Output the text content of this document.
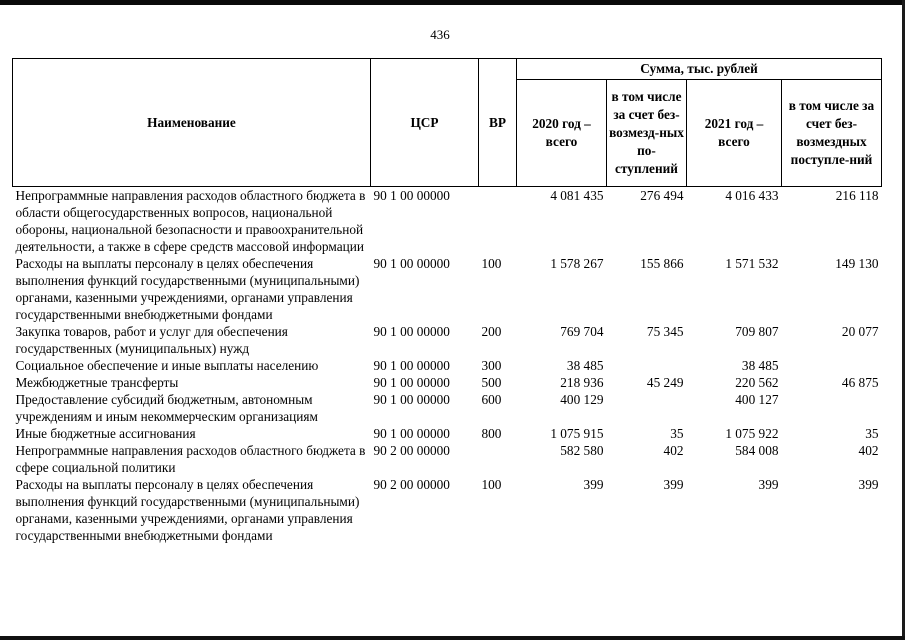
436
Наименование	ЦСР	ВР	Сумма, тыс. рублей			
			2020 год – всего	в том числе за счет без-возмезд-ных по-ступлений	2021 год – всего	в том числе за счет без-возмездных поступле-ний
Непрограммные направления расходов областного бюджета в области общегосударственных вопросов, национальной обороны, национальной безопасности и правоохранительной деятельности, а также в сфере средств массовой информации	90 1 00 00000		4 081 435	276 494	4 016 433	216 118
Расходы на выплаты персоналу в целях обеспечения выполнения функций государственными (муниципальными) органами, казенными учреждениями, органами управления государственными внебюджетными фондами	90 1 00 00000	100	1 578 267	155 866	1 571 532	149 130
Закупка товаров, работ и услуг для обеспечения государственных (муниципальных) нужд	90 1 00 00000	200	769 704	75 345	709 807	20 077
Социальное обеспечение и иные выплаты населению	90 1 00 00000	300	38 485		38 485	
Межбюджетные трансферты	90 1 00 00000	500	218 936	45 249	220 562	46 875
Предоставление субсидий бюджетным, автономным учреждениям и иным некоммерческим организациям	90 1 00 00000	600	400 129		400 127	
Иные бюджетные ассигнования	90 1 00 00000	800	1 075 915	35	1 075 922	35
Непрограммные направления расходов областного бюджета в сфере социальной политики	90 2 00 00000		582 580	402	584 008	402
Расходы на выплаты персоналу в целях обеспечения выполнения функций государственными (муниципальными) органами, казенными учреждениями, органами управления государственными внебюджетными фондами	90 2 00 00000	100	399	399	399	399
